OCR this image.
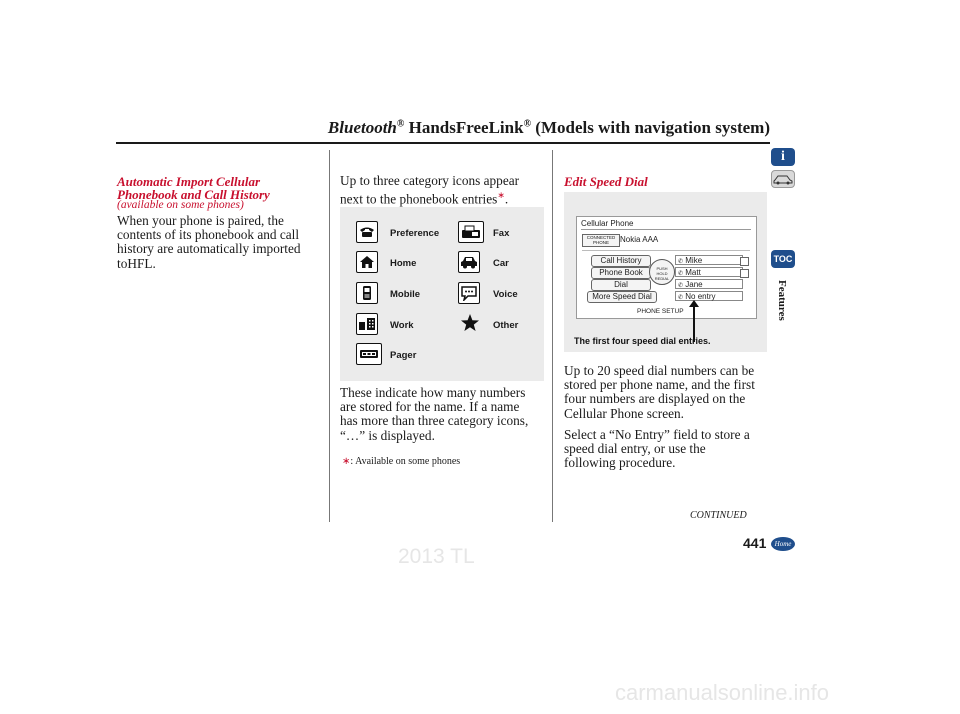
Bluetooth® HandsFreeLink® (Models with navigation system)
Automatic Import Cellular
Phonebook and Call History
(available on some phones)
When your phone is paired, the
contents of its phonebook and call
history are automatically imported
toHFL.
Up to three category icons appear
next to the phonebook entries∗.
Preference
Home
Mobile
Work
Pager
Fax
Car
Voice
Other
These indicate how many numbers
are stored for the name. If a name
has more than three category icons,
“…” is displayed.
∗: Available on some phones
Edit Speed Dial
Cellular Phone
CONNECTED
PHONE	Nokia AAA
Call History
Phone Book
Dial
More Speed Dial
PUSH
HOLD
REDIAL
✆ Mike
✆ Matt
✆ Jane
✆ No entry
PHONE SETUP
The first four speed dial entries.
Up to 20 speed dial numbers can be
stored per phone name, and the first
four numbers are displayed on the
Cellular Phone screen.
Select a “No Entry” field to store a
speed dial entry, or use the
following procedure.
CONTINUED
441	Home
2013 TL
carmanualsonline.info
i
TOC
Features
